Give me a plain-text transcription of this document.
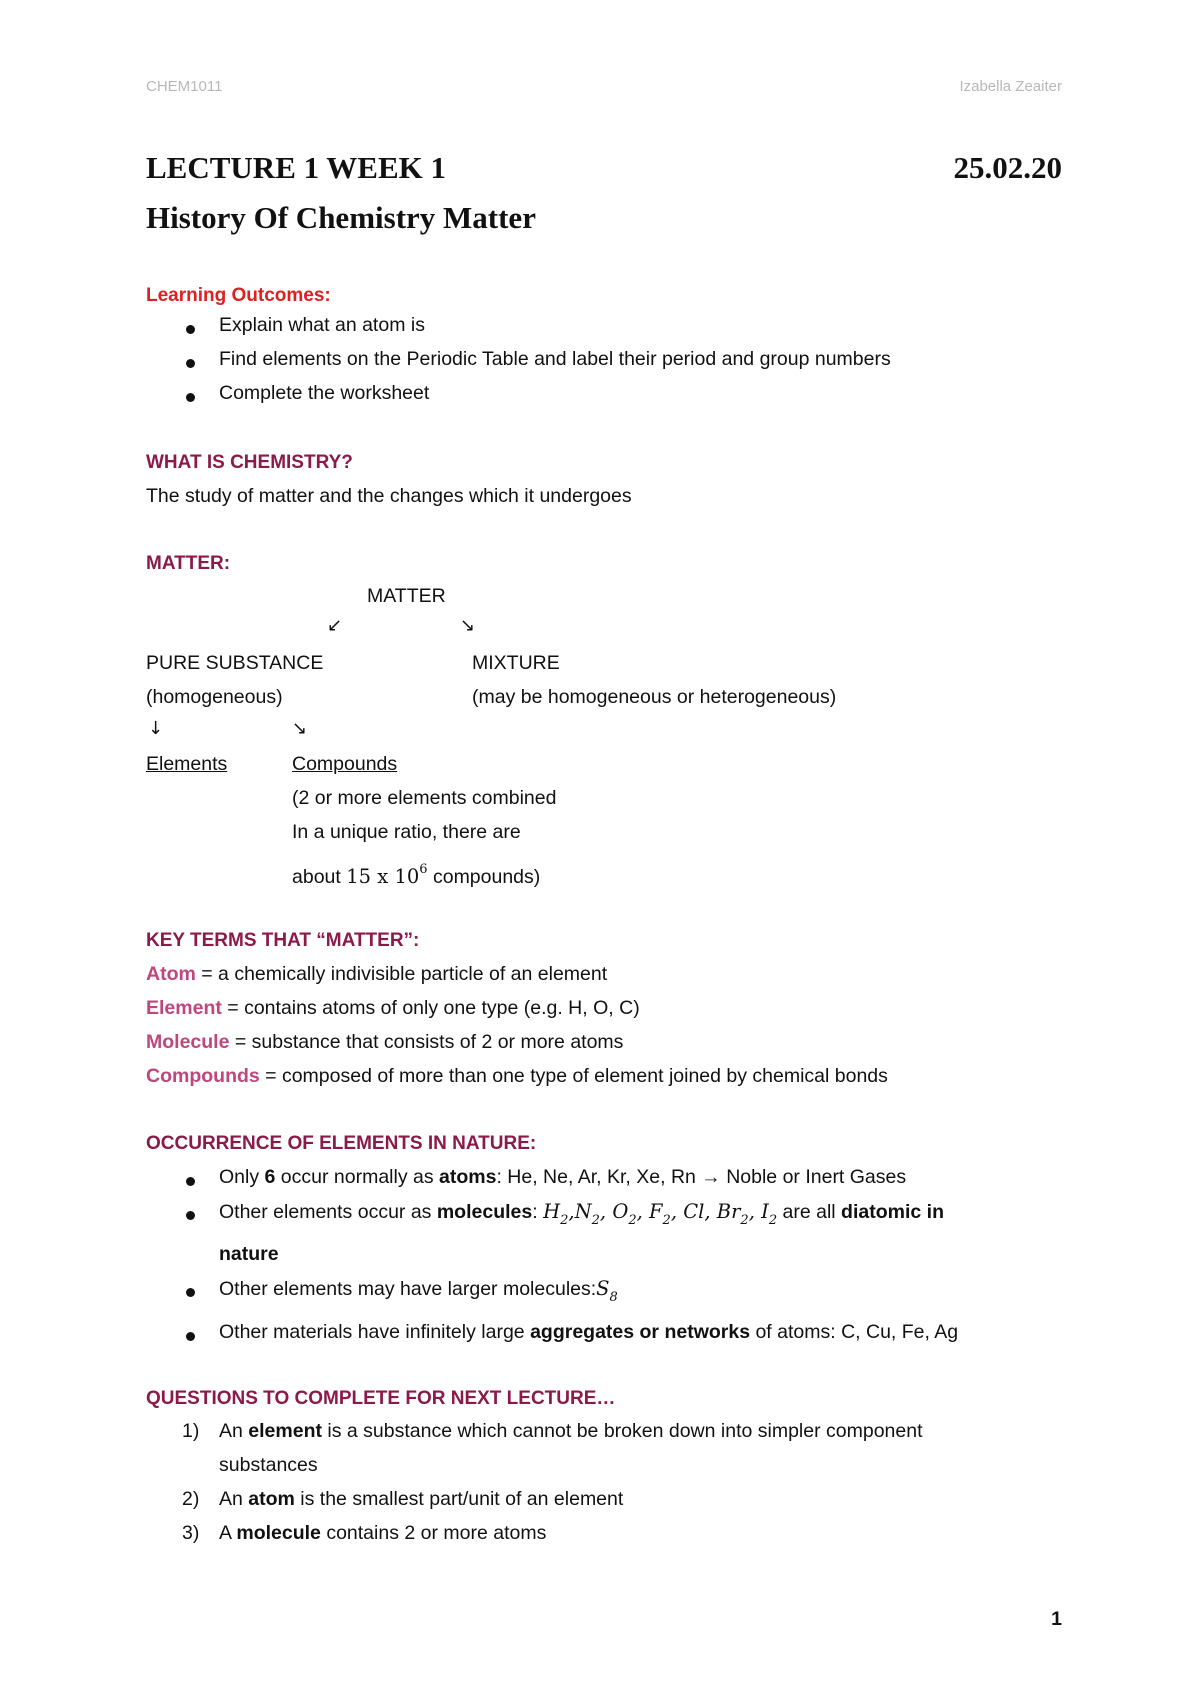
CHEM1011	Izabella Zeaiter
LECTURE 1 WEEK 1	25.02.20
History Of Chemistry Matter
Learning Outcomes:
Explain what an atom is
Find elements on the Periodic Table and label their period and group numbers
Complete the worksheet
WHAT IS CHEMISTRY?
The study of matter and the changes which it undergoes
MATTER:
MATTER
↙	↘
PURE SUBSTANCE	MIXTURE
(homogeneous)	(may be homogeneous or heterogeneous)
↓	↘
Elements	Compounds
(2 or more elements combined
In a unique ratio, there are
about 15 x $10^6$ compounds)
KEY TERMS THAT “MATTER”:
Atom = a chemically indivisible particle of an element
Element = contains atoms of only one type (e.g. H, O, C)
Molecule = substance that consists of 2 or more atoms
Compounds = composed of more than one type of element joined by chemical bonds
OCCURRENCE OF ELEMENTS IN NATURE:
Only 6 occur normally as atoms: He, Ne, Ar, Kr, Xe, Rn → Noble or Inert Gases
Other elements occur as molecules: $H_2,N_2$, $O_2$, $F_2$, Cl, $Br_2$, $I_2$ are all diatomic in
nature
Other elements may have larger $molecules:S_8$
Other materials have infinitely large aggregates or networks of atoms: C, Cu, Fe, Ag
QUESTIONS TO COMPLETE FOR NEXT LECTURE…
1) An element is a substance which cannot be broken down into simpler component
substances
2) An atom is the smallest part/unit of an element
3) A molecule contains 2 or more atoms
1
